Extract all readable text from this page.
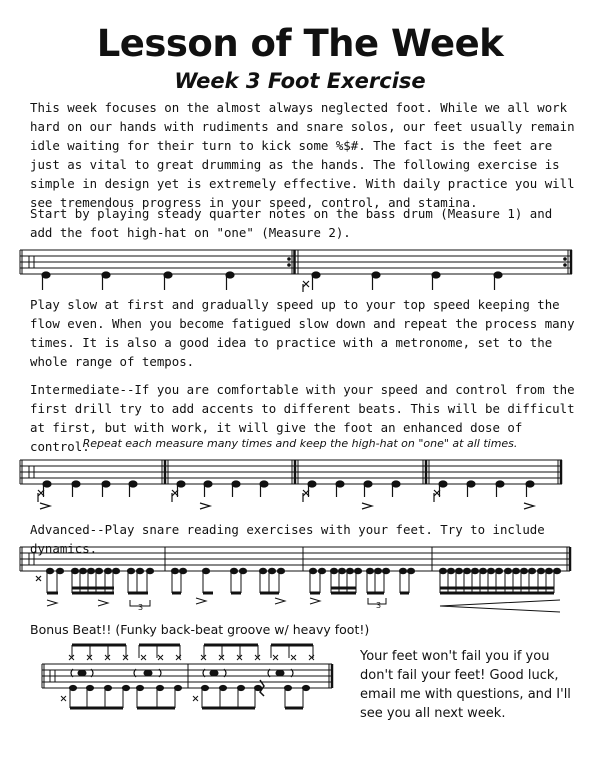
Lesson of The Week
Week 3 Foot Exercise

This week focuses on the almost always neglected foot. While we all work hard on our hands with rudiments and snare solos, our feet usually remain idle waiting for their turn to kick some %$#. The fact is the feet are just as vital to great drumming as the hands. The following exercise is simple in design yet is extremely effective. With daily practice you will see tremendous progress in your speed, control, and stamina.

Start by playing steady quarter notes on the bass drum (Measure 1) and add the foot high-hat on "one" (Measure 2).

Play slow at first and gradually speed up to your top speed keeping the flow even. When you become fatigued slow down and repeat the process many times. It is also a good idea to practice with a metronome, set to the whole range of tempos.

Intermediate--If you are comfortable with your speed and control from the first drill try to add accents to different beats. This will be difficult at first, but with work, it will give the foot an enhanced dose of control.

Repeat each measure many times and keep the high-hat on "one" at all times.

Advanced--Play snare reading exercises with your feet. Try to include dynamics.

Bonus Beat!! (Funky back-beat groove w/ heavy foot!)

Your feet won't fail you if you don't fail your feet! Good luck, email me with questions, and I'll see you all next week.

3	3
